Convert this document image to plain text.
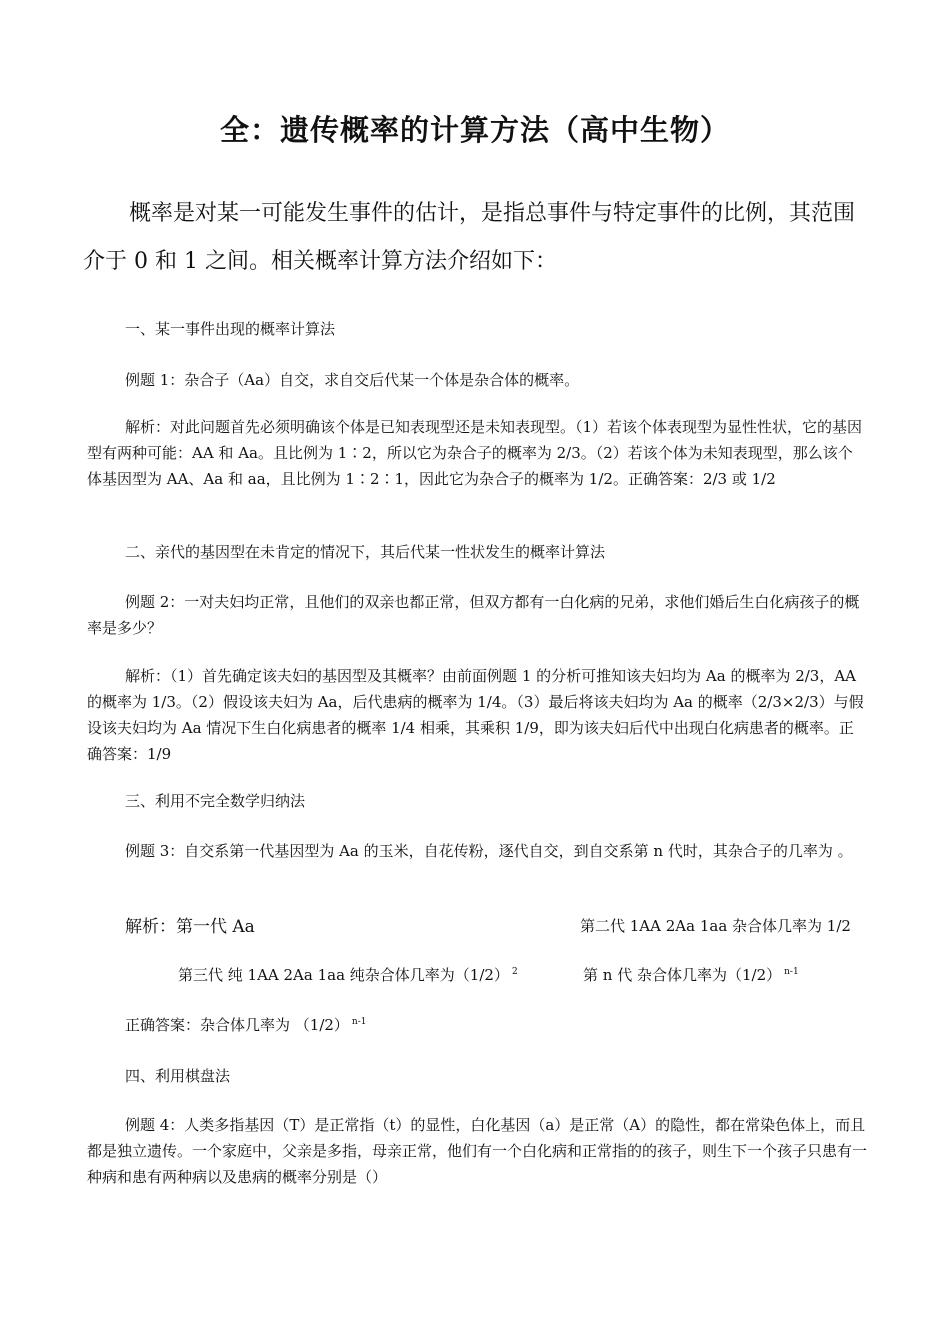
全：遗传概率的计算方法（高中生物）
概率是对某一可能发生事件的估计，是指总事件与特定事件的比例，其范围介于 0 和 1 之间。相关概率计算方法介绍如下：
一、某一事件出现的概率计算法
例题 1：杂合子（Aa）自交，求自交后代某一个体是杂合体的概率。
解析：对此问题首先必须明确该个体是已知表现型还是未知表现型。（1）若该个体表现型为显性性状，它的基因型有两种可能：AA 和 Aa。且比例为 1∶2，所以它为杂合子的概率为 2/3。（2）若该个体为未知表现型，那么该个体基因型为 AA、Aa 和 aa，且比例为 1∶2∶1，因此它为杂合子的概率为 1/2。正确答案：2/3 或 1/2
二、亲代的基因型在未肯定的情况下，其后代某一性状发生的概率计算法
例题 2：一对夫妇均正常，且他们的双亲也都正常，但双方都有一白化病的兄弟，求他们婚后生白化病孩子的概率是多少？
解析：（1）首先确定该夫妇的基因型及其概率？由前面例题 1 的分析可推知该夫妇均为 Aa 的概率为 2/3，AA 的概率为 1/3。（2）假设该夫妇为 Aa，后代患病的概率为 1/4。（3）最后将该夫妇均为 Aa 的概率（2/3×2/3）与假设该夫妇均为 Aa 情况下生白化病患者的概率 1/4 相乘，其乘积 1/9，即为该夫妇后代中出现白化病患者的概率。正确答案：1/9
三、利用不完全数学归纳法
例题 3：自交系第一代基因型为 Aa 的玉米，自花传粉，逐代自交，到自交系第 n 代时，其杂合子的几率为 。
解析：第一代 Aa	第二代 1AA 2Aa 1aa 杂合体几率为 1/2
第三代 纯 1AA 2Aa 1aa 纯杂合体几率为（1/2） $^2$	第 n 代 杂合体几率为（1/2） $^{n-1}$
正确答案：杂合体几率为 （1/2） $^{n-1}$
四、利用棋盘法
例题 4：人类多指基因（T）是正常指（t）的显性，白化基因（a）是正常（A）的隐性，都在常染色体上，而且都是独立遗传。一个家庭中，父亲是多指，母亲正常，他们有一个白化病和正常指的的孩子，则生下一个孩子只患有一种病和患有两种病以及患病的概率分别是（）
